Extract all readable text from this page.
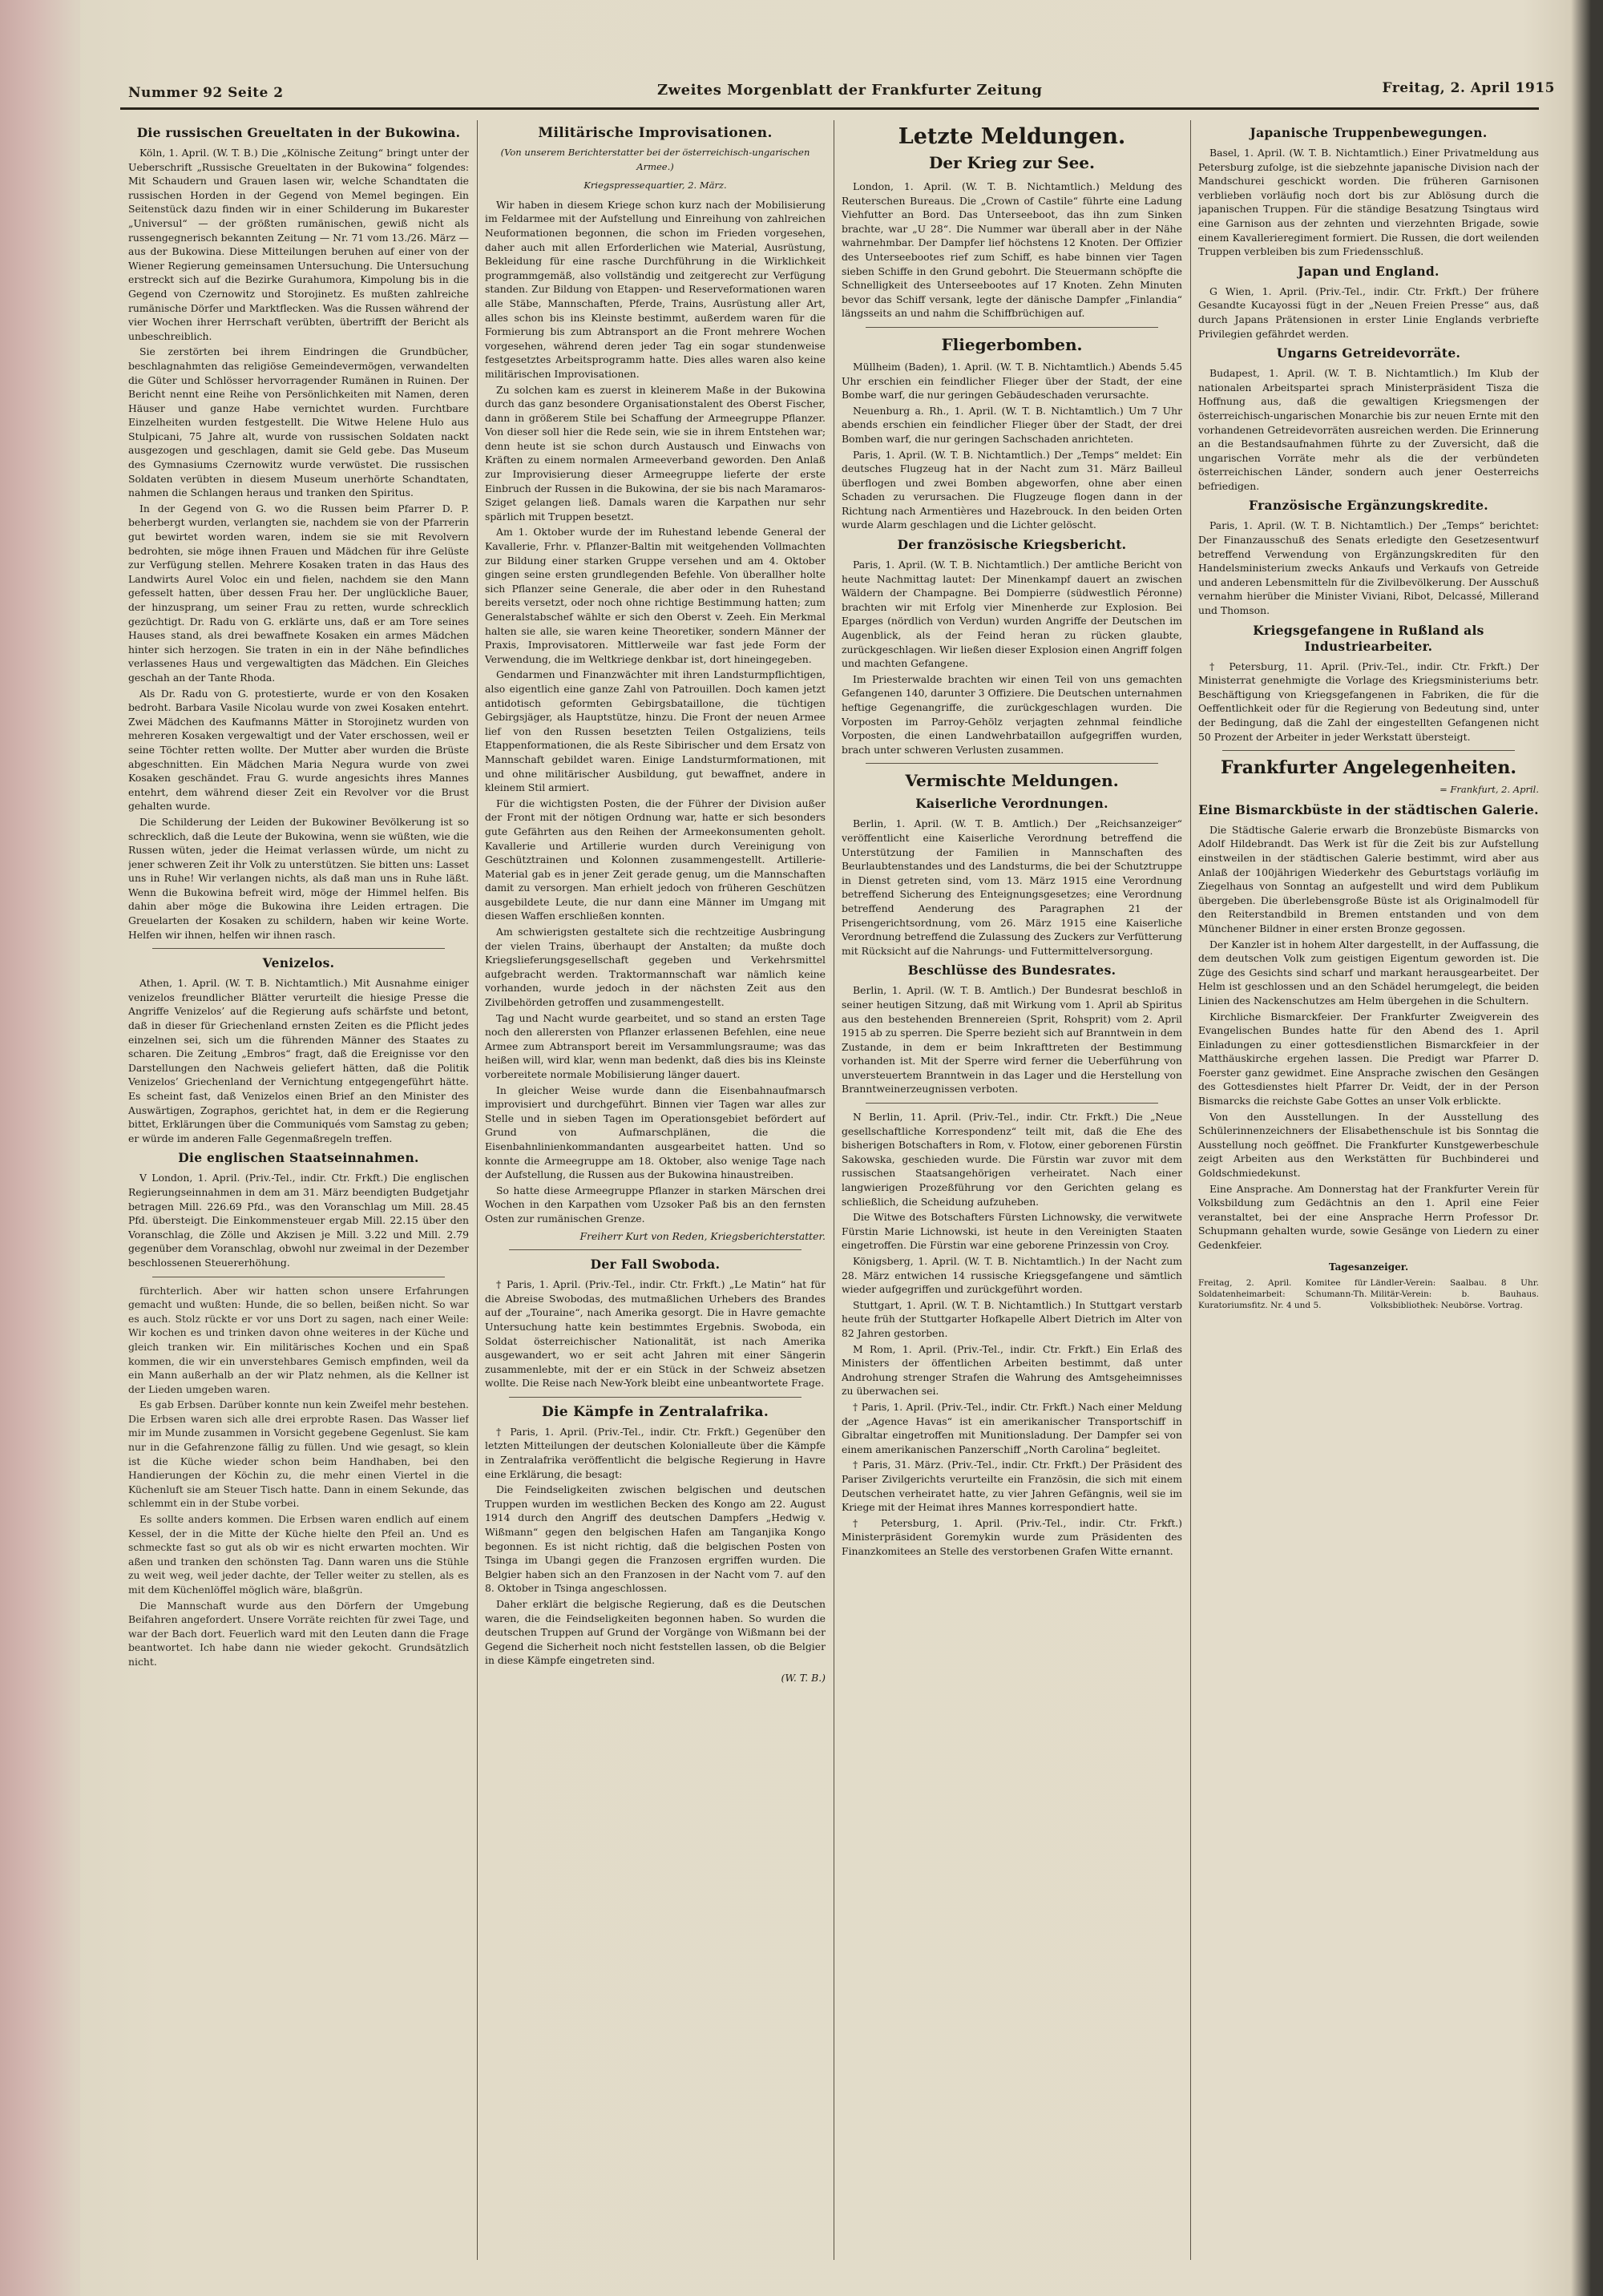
Nummer 92 Seite 2	Zweites Morgenblatt der Frankfurter Zeitung	Freitag, 2. April 1915
Die russischen Greueltaten in der Bukowina.

Köln, 1. April. (W. T. B.) Die „Kölnische Zeitung“ bringt unter der Ueberschrift „Russische Greueltaten in der Bukowina“ folgendes: Mit Schaudern und Grauen lasen wir, welche Schandtaten die russischen Horden in der Gegend von Memel begingen. Ein Seitenstück dazu finden wir in einer Schilderung im Bukarester „Universul“ — der größten rumänischen, gewiß nicht als russengegnerisch bekannten Zeitung — Nr. 71 vom 13./26. März — aus der Bukowina. Diese Mitteilungen beruhen auf einer von der Wiener Regierung gemeinsamen Untersuchung. Die Untersuchung erstreckt sich auf die Bezirke Gurahumora, Kimpolung bis in die Gegend von Czernowitz und Storojinetz. Es mußten zahlreiche rumänische Dörfer und Marktflecken. Was die Russen während der vier Wochen ihrer Herrschaft verübten, übertrifft der Bericht als unbeschreiblich.

Sie zerstörten bei ihrem Eindringen die Grundbücher, beschlagnahmten das religiöse Gemeindevermögen, verwandelten die Güter und Schlösser hervorragender Rumänen in Ruinen. Der Bericht nennt eine Reihe von Persönlichkeiten mit Namen, deren Häuser und ganze Habe vernichtet wurden. Furchtbare Einzelheiten wurden festgestellt. Die Witwe Helene Hulo aus Stulpicani, 75 Jahre alt, wurde von russischen Soldaten nackt ausgezogen und geschlagen, damit sie Geld gebe. Das Museum des Gymnasiums Czernowitz wurde verwüstet. Die russischen Soldaten verübten in diesem Museum unerhörte Schandtaten, nahmen die Schlangen heraus und tranken den Spiritus.

In der Gegend von G. wo die Russen beim Pfarrer D. P. beherbergt wurden, verlangten sie, nachdem sie von der Pfarrerin gut bewirtet worden waren, indem sie sie mit Revolvern bedrohten, sie möge ihnen Frauen und Mädchen für ihre Gelüste zur Verfügung stellen. Mehrere Kosaken traten in das Haus des Landwirts Aurel Voloc ein und fielen, nachdem sie den Mann gefesselt hatten, über dessen Frau her. Der unglückliche Bauer, der hinzusprang, um seiner Frau zu retten, wurde schrecklich gezüchtigt. Dr. Radu von G. erklärte uns, daß er am Tore seines Hauses stand, als drei bewaffnete Kosaken ein armes Mädchen hinter sich herzogen. Sie traten in ein in der Nähe befindliches verlassenes Haus und vergewaltigten das Mädchen. Ein Gleiches geschah an der Tante Rhoda.

Als Dr. Radu von G. protestierte, wurde er von den Kosaken bedroht. Barbara Vasile Nicolau wurde von zwei Kosaken entehrt. Zwei Mädchen des Kaufmanns Mätter in Storojinetz wurden von mehreren Kosaken vergewaltigt und der Vater erschossen, weil er seine Töchter retten wollte. Der Mutter aber wurden die Brüste abgeschnitten. Ein Mädchen Maria Negura wurde von zwei Kosaken geschändet. Frau G. wurde angesichts ihres Mannes entehrt, dem während dieser Zeit ein Revolver vor die Brust gehalten wurde.

Die Schilderung der Leiden der Bukowiner Bevölkerung ist so schrecklich, daß die Leute der Bukowina, wenn sie wüßten, wie die Russen wüten, jeder die Heimat verlassen würde, um nicht zu jener schweren Zeit ihr Volk zu unterstützen. Sie bitten uns: Lasset uns in Ruhe! Wir verlangen nichts, als daß man uns in Ruhe läßt. Wenn die Bukowina befreit wird, möge der Himmel helfen. Bis dahin aber möge die Bukowina ihre Leiden ertragen. Die Greuelarten der Kosaken zu schildern, haben wir keine Worte. Helfen wir ihnen, helfen wir ihnen rasch.

Venizelos.

Athen, 1. April. (W. T. B. Nichtamtlich.) Mit Ausnahme einiger venizelos freundlicher Blätter verurteilt die hiesige Presse die Angriffe Venizelos’ auf die Regierung aufs schärfste und betont, daß in dieser für Griechenland ernsten Zeiten es die Pflicht jedes einzelnen sei, sich um die führenden Männer des Staates zu scharen. Die Zeitung „Embros“ fragt, daß die Ereignisse vor den Darstellungen den Nachweis geliefert hätten, daß die Politik Venizelos’ Griechenland der Vernichtung entgegengeführt hätte. Es scheint fast, daß Venizelos einen Brief an den Minister des Auswärtigen, Zographos, gerichtet hat, in dem er die Regierung bittet, Erklärungen über die Communiqués vom Samstag zu geben; er würde im anderen Falle Gegenmaßregeln treffen.

Die englischen Staatseinnahmen.

V London, 1. April. (Priv.-Tel., indir. Ctr. Frkft.) Die englischen Regierungseinnahmen in dem am 31. März beendigten Budgetjahr betragen Mill. 226.69 Pfd., was den Voranschlag um Mill. 28.45 Pfd. übersteigt. Die Einkommensteuer ergab Mill. 22.15 über den Voranschlag, die Zölle und Akzisen je Mill. 3.22 und Mill. 2.79 gegenüber dem Voranschlag, obwohl nur zweimal in der Dezember beschlossenen Steuererhöhung.

fürchterlich. Aber wir hatten schon unsere Erfahrungen gemacht und wußten: Hunde, die so bellen, beißen nicht. So war es auch. Stolz rückte er vor uns Dort zu sagen, nach einer Weile: Wir kochen es und trinken davon ohne weiteres in der Küche und gleich tranken wir. Ein militärisches Kochen und ein Spaß kommen, die wir ein unverstehbares Gemisch empfinden, weil da ein Mann außerhalb an der wir Platz nehmen, als die Kellner ist der Lieden umgeben waren.

Es gab Erbsen. Darüber konnte nun kein Zweifel mehr bestehen. Die Erbsen waren sich alle drei erprobte Rasen. Das Wasser lief mir im Munde zusammen in Vorsicht gegebene Gegenlust. Sie kam nur in die Gefahrenzone fällig zu füllen. Und wie gesagt, so klein ist die Küche wieder schon beim Handhaben, bei den Handierungen der Köchin zu, die mehr einen Viertel in die Küchenluft sie am Steuer Tisch hatte. Dann in einem Sekunde, das schlemmt ein in der Stube vorbei.

Es sollte anders kommen. Die Erbsen waren endlich auf einem Kessel, der in die Mitte der Küche hielte den Pfeil an. Und es schmeckte fast so gut als ob wir es nicht erwarten mochten. Wir aßen und tranken den schönsten Tag. Dann waren uns die Stühle zu weit weg, weil jeder dachte, der Teller weiter zu stellen, als es mit dem Küchenlöffel möglich wäre, blaßgrün.

Die Mannschaft wurde aus den Dörfern der Umgebung Beifahren angefordert. Unsere Vorräte reichten für zwei Tage, und war der Bach dort. Feuerlich ward mit den Leuten dann die Frage beantwortet. Ich habe dann nie wieder gekocht. Grundsätzlich nicht.

Militärische Improvisationen.
(Von unserem Berichterstatter bei der österreichisch-ungarischen Armee.)
Kriegspressequartier, 2. März.

Wir haben in diesem Kriege schon kurz nach der Mobilisierung im Feldarmee mit der Aufstellung und Einreihung von zahlreichen Neuformationen begonnen, die schon im Frieden vorgesehen, daher auch mit allen Erforderlichen wie Material, Ausrüstung, Bekleidung für eine rasche Durchführung in die Wirklichkeit programmgemäß, also vollständig und zeitgerecht zur Verfügung standen. Zur Bildung von Etappen- und Reserveformationen waren alle Stäbe, Mannschaften, Pferde, Trains, Ausrüstung aller Art, alles schon bis ins Kleinste bestimmt, außerdem waren für die Formierung bis zum Abtransport an die Front mehrere Wochen vorgesehen, während deren jeder Tag ein sogar stundenweise festgesetztes Arbeitsprogramm hatte. Dies alles waren also keine militärischen Improvisationen.

Zu solchen kam es zuerst in kleinerem Maße in der Bukowina durch das ganz besondere Organisationstalent des Oberst Fischer, dann in größerem Stile bei Schaffung der Armeegruppe Pflanzer. Von dieser soll hier die Rede sein, wie sie in ihrem Entstehen war; denn heute ist sie schon durch Austausch und Einwachs von Kräften zu einem normalen Armeeverband geworden. Den Anlaß zur Improvisierung dieser Armeegruppe lieferte der erste Einbruch der Russen in die Bukowina, der sie bis nach Maramaros-Sziget gelangen ließ. Damals waren die Karpathen nur sehr spärlich mit Truppen besetzt.

Am 1. Oktober wurde der im Ruhestand lebende General der Kavallerie, Frhr. v. Pflanzer-Baltin mit weitgehenden Vollmachten zur Bildung einer starken Gruppe versehen und am 4. Oktober gingen seine ersten grundlegenden Befehle. Von überallher holte sich Pflanzer seine Generale, die aber oder in den Ruhestand bereits versetzt, oder noch ohne richtige Bestimmung hatten; zum Generalstabschef wählte er sich den Oberst v. Zeeh. Ein Merkmal halten sie alle, sie waren keine Theoretiker, sondern Männer der Praxis, Improvisatoren. Mittlerweile war fast jede Form der Verwendung, die im Weltkriege denkbar ist, dort hineingegeben.

Gendarmen und Finanzwächter mit ihren Landsturmpflichtigen, also eigentlich eine ganze Zahl von Patrouillen. Doch kamen jetzt antidotisch geformten Gebirgsbataillone, die tüchtigen Gebirgsjäger, als Hauptstütze, hinzu. Die Front der neuen Armee lief von den Russen besetzten Teilen Ostgaliziens, teils Etappenformationen, die als Reste Sibirischer und dem Ersatz von Mannschaft gebildet waren. Einige Landsturmformationen, mit und ohne militärischer Ausbildung, gut bewaffnet, andere in kleinem Stil armiert.

Für die wichtigsten Posten, die der Führer der Division außer der Front mit der nötigen Ordnung war, hatte er sich besonders gute Gefährten aus den Reihen der Armeekonsumenten geholt. Kavallerie und Artillerie wurden durch Vereinigung von Geschütztrainen und Kolonnen zusammengestellt. Artillerie-Material gab es in jener Zeit gerade genug, um die Mannschaften damit zu versorgen. Man erhielt jedoch von früheren Geschützen ausgebildete Leute, die nur dann eine Männer im Umgang mit diesen Waffen erschließen konnten.

Am schwierigsten gestaltete sich die rechtzeitige Ausbringung der vielen Trains, überhaupt der Anstalten; da mußte doch Kriegslieferungsgesellschaft gegeben und Verkehrsmittel aufgebracht werden. Traktormannschaft war nämlich keine vorhanden, wurde jedoch in der nächsten Zeit aus den Zivilbehörden getroffen und zusammengestellt.

Tag und Nacht wurde gearbeitet, und so stand an ersten Tage noch den allerersten von Pflanzer erlassenen Befehlen, eine neue Armee zum Abtransport bereit im Versammlungsraume; was das heißen will, wird klar, wenn man bedenkt, daß dies bis ins Kleinste vorbereitete normale Mobilisierung länger dauert.

In gleicher Weise wurde dann die Eisenbahnaufmarsch improvisiert und durchgeführt. Binnen vier Tagen war alles zur Stelle und in sieben Tagen im Operationsgebiet befördert auf Grund von Aufmarschplänen, die die Eisenbahnlinienkommandanten ausgearbeitet hatten. Und so konnte die Armeegruppe am 18. Oktober, also wenige Tage nach der Aufstellung, die Russen aus der Bukowina hinaustreiben.

So hatte diese Armeegruppe Pflanzer in starken Märschen drei Wochen in den Karpathen vom Uzsoker Paß bis an den fernsten Osten zur rumänischen Grenze.

Freiherr Kurt von Reden, Kriegsberichterstatter.
Der Fall Swoboda.

† Paris, 1. April. (Priv.-Tel., indir. Ctr. Frkft.) „Le Matin“ hat für die Abreise Swobodas, des mutmaßlichen Urhebers des Brandes auf der „Touraine“, nach Amerika gesorgt. Die in Havre gemachte Untersuchung hatte kein bestimmtes Ergebnis. Swoboda, ein Soldat österreichischer Nationalität, ist nach Amerika ausgewandert, wo er seit acht Jahren mit einer Sängerin zusammenlebte, mit der er ein Stück in der Schweiz absetzen wollte. Die Reise nach New-York bleibt eine unbeantwortete Frage.

Die Kämpfe in Zentralafrika.

† Paris, 1. April. (Priv.-Tel., indir. Ctr. Frkft.) Gegenüber den letzten Mitteilungen der deutschen Kolonialleute über die Kämpfe in Zentralafrika veröffentlicht die belgische Regierung in Havre eine Erklärung, die besagt:

Die Feindseligkeiten zwischen belgischen und deutschen Truppen wurden im westlichen Becken des Kongo am 22. August 1914 durch den Angriff des deutschen Dampfers „Hedwig v. Wißmann“ gegen den belgischen Hafen am Tanganjika Kongo begonnen. Es ist nicht richtig, daß die belgischen Posten von Tsinga im Ubangi gegen die Franzosen ergriffen wurden. Die Belgier haben sich an den Franzosen in der Nacht vom 7. auf den 8. Oktober in Tsinga angeschlossen.

Daher erklärt die belgische Regierung, daß es die Deutschen waren, die die Feindseligkeiten begonnen haben. So wurden die deutschen Truppen auf Grund der Vorgänge von Wißmann bei der Gegend die Sicherheit noch nicht feststellen lassen, ob die Belgier in diese Kämpfe eingetreten sind.

(W. T. B.)
Letzte Meldungen.
Der Krieg zur See.

London, 1. April. (W. T. B. Nichtamtlich.) Meldung des Reuterschen Bureaus. Die „Crown of Castile“ führte eine Ladung Viehfutter an Bord. Das Unterseeboot, das ihn zum Sinken brachte, war „U 28“. Die Nummer war überall aber in der Nähe wahrnehmbar. Der Dampfer lief höchstens 12 Knoten. Der Offizier des Unterseebootes rief zum Schiff, es habe binnen vier Tagen sieben Schiffe in den Grund gebohrt. Die Steuermann schöpfte die Schnelligkeit des Unterseebootes auf 17 Knoten. Zehn Minuten bevor das Schiff versank, legte der dänische Dampfer „Finlandia“ längsseits an und nahm die Schiffbrüchigen auf.

Fliegerbomben.

Müllheim (Baden), 1. April. (W. T. B. Nichtamtlich.) Abends 5.45 Uhr erschien ein feindlicher Flieger über der Stadt, der eine Bombe warf, die nur geringen Gebäudeschaden verursachte.

Neuenburg a. Rh., 1. April. (W. T. B. Nichtamtlich.) Um 7 Uhr abends erschien ein feindlicher Flieger über der Stadt, der drei Bomben warf, die nur geringen Sachschaden anrichteten.

Paris, 1. April. (W. T. B. Nichtamtlich.) Der „Temps“ meldet: Ein deutsches Flugzeug hat in der Nacht zum 31. März Bailleul überflogen und zwei Bomben abgeworfen, ohne aber einen Schaden zu verursachen. Die Flugzeuge flogen dann in der Richtung nach Armentières und Hazebrouck. In den beiden Orten wurde Alarm geschlagen und die Lichter gelöscht.

Der französische Kriegsbericht.

Paris, 1. April. (W. T. B. Nichtamtlich.) Der amtliche Bericht von heute Nachmittag lautet: Der Minenkampf dauert an zwischen Wäldern der Champagne. Bei Dompierre (südwestlich Péronne) brachten wir mit Erfolg vier Minenherde zur Explosion. Bei Eparges (nördlich von Verdun) wurden Angriffe der Deutschen im Augenblick, als der Feind heran zu rücken glaubte, zurückgeschlagen. Wir ließen dieser Explosion einen Angriff folgen und machten Gefangene.

Im Priesterwalde brachten wir einen Teil von uns gemachten Gefangenen 140, darunter 3 Offiziere. Die Deutschen unternahmen heftige Gegenangriffe, die zurückgeschlagen wurden. Die Vorposten im Parroy-Gehölz verjagten zehnmal feindliche Vorposten, die einen Landwehrbataillon aufgegriffen wurden, brach unter schweren Verlusten zusammen.

Vermischte Meldungen.
Kaiserliche Verordnungen.

Berlin, 1. April. (W. T. B. Amtlich.) Der „Reichsanzeiger“ veröffentlicht eine Kaiserliche Verordnung betreffend die Unterstützung der Familien in Mannschaften des Beurlaubtenstandes und des Landsturms, die bei der Schutztruppe in Dienst getreten sind, vom 13. März 1915 eine Verordnung betreffend Sicherung des Enteignungsgesetzes; eine Verordnung betreffend Aenderung des Paragraphen 21 der Prisengerichtsordnung, vom 26. März 1915 eine Kaiserliche Verordnung betreffend die Zulassung des Zuckers zur Verfütterung mit Rücksicht auf die Nahrungs- und Futtermittelversorgung.

Beschlüsse des Bundesrates.

Berlin, 1. April. (W. T. B. Amtlich.) Der Bundesrat beschloß in seiner heutigen Sitzung, daß mit Wirkung vom 1. April ab Spiritus aus den bestehenden Brennereien (Sprit, Rohsprit) vom 2. April 1915 ab zu sperren. Die Sperre bezieht sich auf Branntwein in dem Zustande, in dem er beim Inkrafttreten der Bestimmung vorhanden ist. Mit der Sperre wird ferner die Ueberführung von unversteuertem Branntwein in das Lager und die Herstellung von Branntweinerzeugnissen verboten.

N Berlin, 11. April. (Priv.-Tel., indir. Ctr. Frkft.) Die „Neue gesellschaftliche Korrespondenz“ teilt mit, daß die Ehe des bisherigen Botschafters in Rom, v. Flotow, einer geborenen Fürstin Sakowska, geschieden wurde. Die Fürstin war zuvor mit dem russischen Staatsangehörigen verheiratet. Nach einer langwierigen Prozeßführung vor den Gerichten gelang es schließlich, die Scheidung aufzuheben.

Die Witwe des Botschafters Fürsten Lichnowsky, die verwitwete Fürstin Marie Lichnowski, ist heute in den Vereinigten Staaten eingetroffen. Die Fürstin war eine geborene Prinzessin von Croy.

Königsberg, 1. April. (W. T. B. Nichtamtlich.) In der Nacht zum 28. März entwichen 14 russische Kriegsgefangene und sämtlich wieder aufgegriffen und zurückgeführt worden.

Stuttgart, 1. April. (W. T. B. Nichtamtlich.) In Stuttgart verstarb heute früh der Stuttgarter Hofkapelle Albert Dietrich im Alter von 82 Jahren gestorben.

M Rom, 1. April. (Priv.-Tel., indir. Ctr. Frkft.) Ein Erlaß des Ministers der öffentlichen Arbeiten bestimmt, daß unter Androhung strenger Strafen die Wahrung des Amtsgeheimnisses zu überwachen sei.

† Paris, 1. April. (Priv.-Tel., indir. Ctr. Frkft.) Nach einer Meldung der „Agence Havas“ ist ein amerikanischer Transportschiff in Gibraltar eingetroffen mit Munitionsladung. Der Dampfer sei von einem amerikanischen Panzerschiff „North Carolina“ begleitet.

† Paris, 31. März. (Priv.-Tel., indir. Ctr. Frkft.) Der Präsident des Pariser Zivilgerichts verurteilte ein Französin, die sich mit einem Deutschen verheiratet hatte, zu vier Jahren Gefängnis, weil sie im Kriege mit der Heimat ihres Mannes korrespondiert hatte.

† Petersburg, 1. April. (Priv.-Tel., indir. Ctr. Frkft.) Ministerpräsident Goremykin wurde zum Präsidenten des Finanzkomitees an Stelle des verstorbenen Grafen Witte ernannt.

Japanische Truppenbewegungen.

Basel, 1. April. (W. T. B. Nichtamtlich.) Einer Privatmeldung aus Petersburg zufolge, ist die siebzehnte japanische Division nach der Mandschurei geschickt worden. Die früheren Garnisonen verblieben vorläufig noch dort bis zur Ablösung durch die japanischen Truppen. Für die ständige Besatzung Tsingtaus wird eine Garnison aus der zehnten und vierzehnten Brigade, sowie einem Kavallerieregiment formiert. Die Russen, die dort weilenden Truppen verbleiben bis zum Friedensschluß.

Japan und England.

G Wien, 1. April. (Priv.-Tel., indir. Ctr. Frkft.) Der frühere Gesandte Kucayossi fügt in der „Neuen Freien Presse“ aus, daß durch Japans Prätensionen in erster Linie Englands verbriefte Privilegien gefährdet werden.

Ungarns Getreidevorräte.

Budapest, 1. April. (W. T. B. Nichtamtlich.) Im Klub der nationalen Arbeitspartei sprach Ministerpräsident Tisza die Hoffnung aus, daß die gewaltigen Kriegsmengen der österreichisch-ungarischen Monarchie bis zur neuen Ernte mit den vorhandenen Getreidevorräten ausreichen werden. Die Erinnerung an die Bestandsaufnahmen führte zu der Zuversicht, daß die ungarischen Vorräte mehr als die der verbündeten österreichischen Länder, sondern auch jener Oesterreichs befriedigen.

Französische Ergänzungskredite.

Paris, 1. April. (W. T. B. Nichtamtlich.) Der „Temps“ berichtet: Der Finanzausschuß des Senats erledigte den Gesetzesentwurf betreffend Verwendung von Ergänzungskrediten für den Handelsministerium zwecks Ankaufs und Verkaufs von Getreide und anderen Lebensmitteln für die Zivilbevölkerung. Der Ausschuß vernahm hierüber die Minister Viviani, Ribot, Delcassé, Millerand und Thomson.

Kriegsgefangene in Rußland als Industriearbeiter.

† Petersburg, 11. April. (Priv.-Tel., indir. Ctr. Frkft.) Der Ministerrat genehmigte die Vorlage des Kriegsministeriums betr. Beschäftigung von Kriegsgefangenen in Fabriken, die für die Oeffentlichkeit oder für die Regierung von Bedeutung sind, unter der Bedingung, daß die Zahl der eingestellten Gefangenen nicht 50 Prozent der Arbeiter in jeder Werkstatt übersteigt.

Frankfurter Angelegenheiten.
= Frankfurt, 2. April.
Eine Bismarckbüste in der städtischen Galerie.

Die Städtische Galerie erwarb die Bronzebüste Bismarcks von Adolf Hildebrandt. Das Werk ist für die Zeit bis zur Aufstellung einstweilen in der städtischen Galerie bestimmt, wird aber aus Anlaß der 100jährigen Wiederkehr des Geburtstags vorläufig im Ziegelhaus von Sonntag an aufgestellt und wird dem Publikum übergeben. Die überlebensgroße Büste ist als Originalmodell für den Reiterstandbild in Bremen entstanden und von dem Münchener Bildner in einer ersten Bronze gegossen.

Der Kanzler ist in hohem Alter dargestellt, in der Auffassung, die dem deutschen Volk zum geistigen Eigentum geworden ist. Die Züge des Gesichts sind scharf und markant herausgearbeitet. Der Helm ist geschlossen und an den Schädel herumgelegt, die beiden Linien des Nackenschutzes am Helm übergehen in die Schultern.

Kirchliche Bismarckfeier. Der Frankfurter Zweigverein des Evangelischen Bundes hatte für den Abend des 1. April Einladungen zu einer gottesdienstlichen Bismarckfeier in der Matthäuskirche ergehen lassen. Die Predigt war Pfarrer D. Foerster ganz gewidmet. Eine Ansprache zwischen den Gesängen des Gottesdienstes hielt Pfarrer Dr. Veidt, der in der Person Bismarcks die reichste Gabe Gottes an unser Volk erblickte.

Von den Ausstellungen. In der Ausstellung des Schülerinnenzeichners der Elisabethenschule ist bis Sonntag die Ausstellung noch geöffnet. Die Frankfurter Kunstgewerbeschule zeigt Arbeiten aus den Werkstätten für Buchbinderei und Goldschmiedekunst.

Eine Ansprache. Am Donnerstag hat der Frankfurter Verein für Volksbildung zum Gedächtnis an den 1. April eine Feier veranstaltet, bei der eine Ansprache Herrn Professor Dr. Schupmann gehalten wurde, sowie Gesänge von Liedern zu einer Gedenkfeier.

Tagesanzeiger.
Freitag, 2. April. Komitee für Soldatenheimarbeit: Schumann-Th. Kuratoriumsfitz. Nr. 4 und 5.
Ländler-Verein: Saalbau. 8 Uhr. Militär-Verein: b. Bauhaus. Volksbibliothek: Neubörse. Vortrag.
